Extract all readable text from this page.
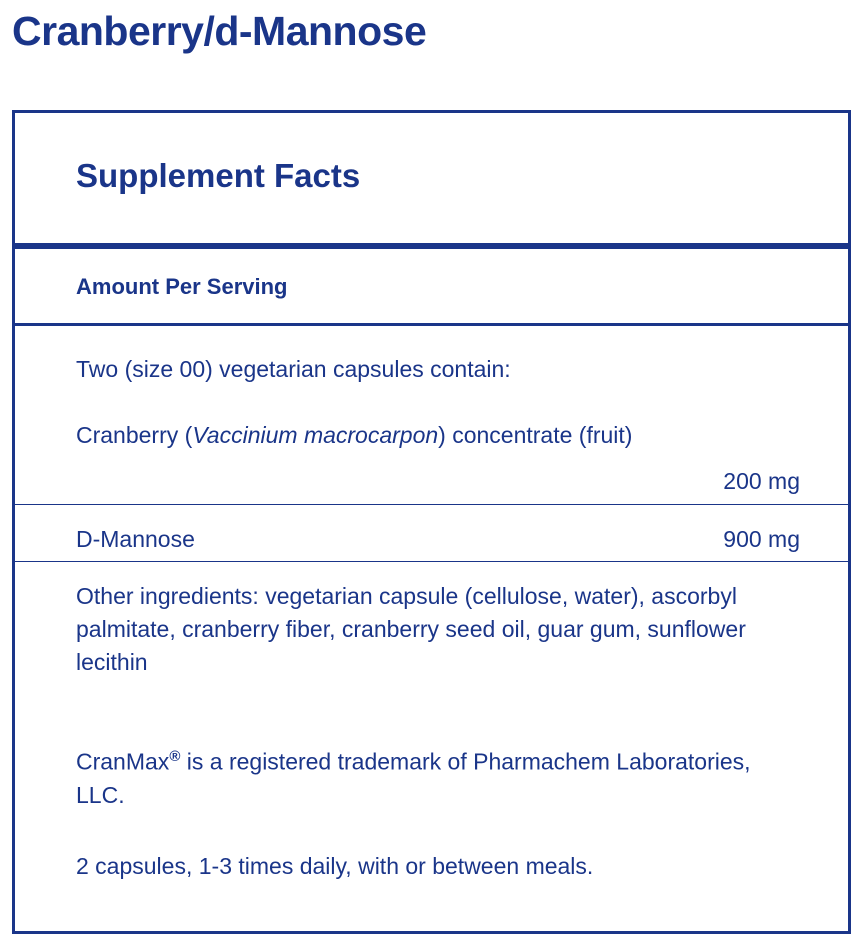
Cranberry/d-Mannose
Supplement Facts
Amount Per Serving
Two (size 00) vegetarian capsules contain:
Cranberry (Vaccinium macrocarpon) concentrate (fruit)
200 mg
D-Mannose	900 mg
Other ingredients: vegetarian capsule (cellulose, water), ascorbyl palmitate, cranberry fiber, cranberry seed oil, guar gum, sunflower lecithin
CranMax® is a registered trademark of Pharmachem Laboratories, LLC.
2 capsules, 1-3 times daily, with or between meals.
